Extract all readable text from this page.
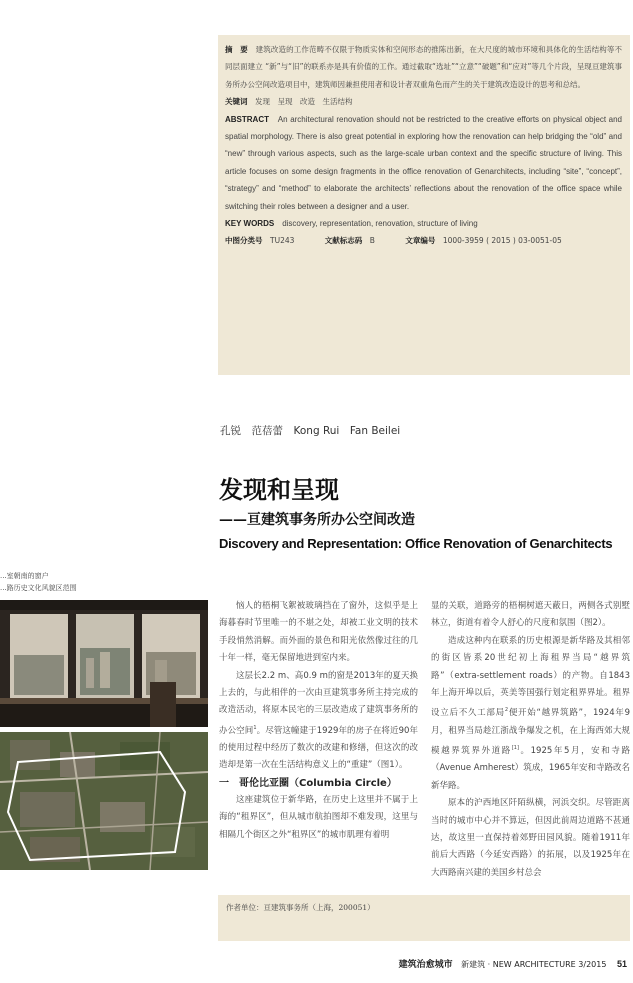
摘　要　 建筑改造的工作范畴不仅限于物质实体和空间形态的推陈出新，在大尺度的城市环境和具体化的生活结构等不同层面建立 “新”与“旧”的联系亦是具有价值的工作。通过截取“选址”“立意”“破题”和“应对”等几个片段，呈现亘建筑事务所办公空间改造项目中，建筑师因兼担使用者和设计者双重角色而产生的关于建筑改造设计的思考和总结。

关键词　 发现　呈现　改造　生活结构

ABSTRACT　 An architectural renovation should not be restricted to the creative efforts on physical object and spatial morphology. There is also great potential in exploring how the renovation can help bridging the “old” and “new” through various aspects, such as the large-scale urban context and the specific structure of living. This article focuses on some design fragments in the office renovation of Genarchitects, including “site”, “concept”, “strategy” and “method” to elaborate the architects’ reflections about the renovation of the office space while switching their roles between a designer and a user.

KEY WORDS　 discovery, representation, renovation, structure of living

中图分类号　 TU243	文献标志码　 B	文章编号　 1000-3959 ( 2015 ) 03-0051-05

孔锐　范蓓蕾　Kong Rui　Fan Beilei
发现和呈现
——亘建筑事务所办公空间改造
Discovery and Representation: Office Renovation of Genarchitects
...室朝南的窗户
...路历史文化风貌区范围

恼人的梧桐飞絮被玻璃挡在了窗外，这似乎是上海暮春时节里唯一的不堪之处，却被工业文明的技术手段悄然消解。而外面的景色和阳光依然像过往的几十年一样，毫无保留地进到室内来。

这层长2.2 m、高0.9 m的窗是2013年的夏天换上去的，与此相伴的一次由亘建筑事务所主持完成的改造活动，将原本民宅的三层改造成了建筑事务所的办公空间$^1$。尽管这幢建于1929年的房子在将近90年的使用过程中经历了数次的改建和修缮，但这次的改造却是第一次在生活结构意义上的“重建”（图1）。

一　哥伦比亚圈（Columbia Circle）

这座建筑位于新华路，在历史上这里并不属于上海的“租界区”，但从城市航拍图却不难发现，这里与相隔几个街区之外“租界区”的城市肌理有着明

显的关联，道路旁的梧桐树遮天蔽日，两侧各式别墅林立，街道有着令人舒心的尺度和氛围（图2）。

造成这种内在联系的历史根源是新华路及其相邻的街区皆系20世纪初上海租界当局“越界筑路”（extra-settlement roads）的产物。自1843年上海开埠以后，英美等国强行划定租界界址。租界设立后不久工部局$^2$便开始“越界筑路”，1924年9月，租界当局趁江浙战争爆发之机，在上海西郊大规模越界筑界外道路[1]。1925年5月，安和寺路（Avenue Amherest）筑成，1965年安和寺路改名新华路。

原本的沪西地区阡陌纵横，河浜交织。尽管距离当时的城市中心并不算远，但因此前周边道路不甚通达，故这里一直保持着郊野田园风貌。随着1911年前后大西路（今延安西路）的拓展，以及1925年在大西路南兴建的美国乡村总会

作者单位：亘建筑事务所（上海，200051）
建筑治愈城市 新建筑 · NEW ARCHITECTURE 3/2015 51
